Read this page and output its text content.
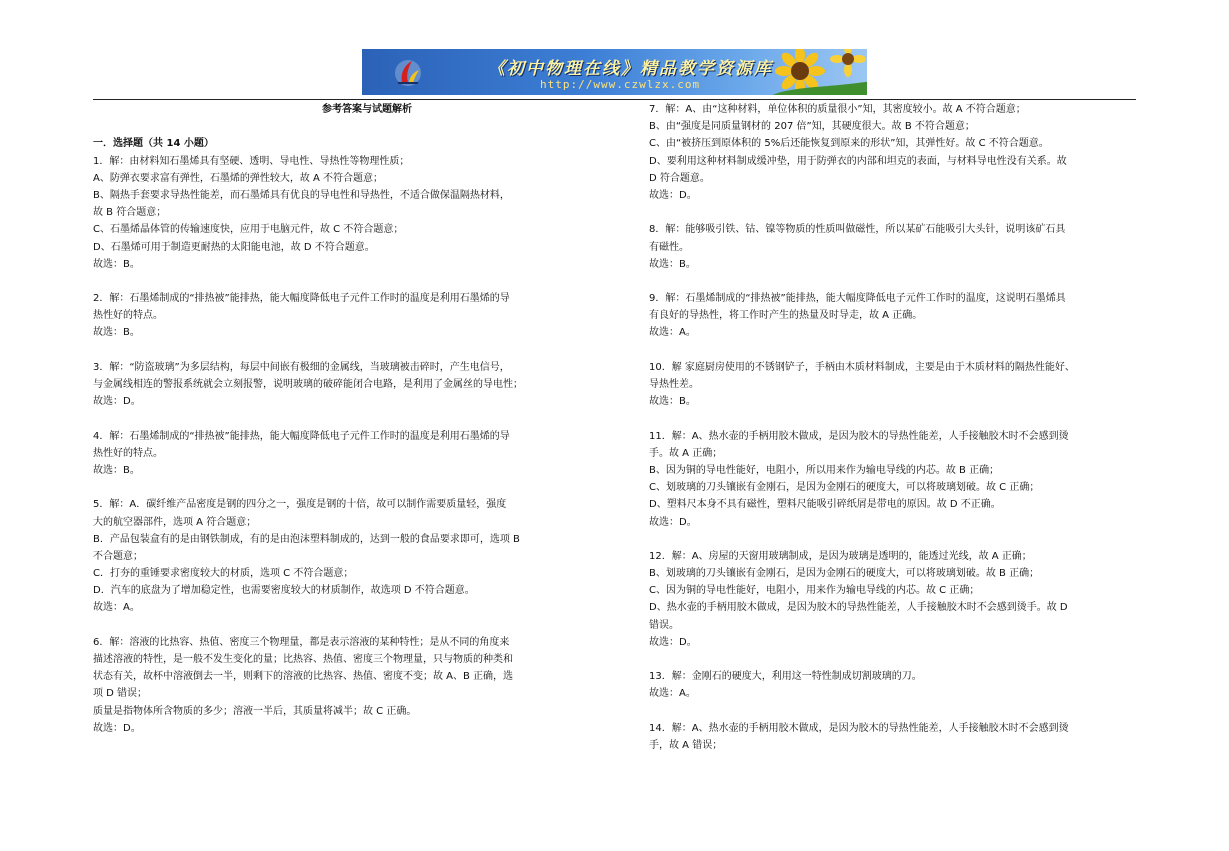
《初中物理在线》精品教学资源库
http://www.czwlzx.com
参考答案与试题解析
一．选择题（共 14 小题）
1．解：由材料知石墨烯具有坚硬、透明、导电性、导热性等物理性质；
A、防弹衣要求富有弹性，石墨烯的弹性较大，故 A 不符合题意；
B、隔热手套要求导热性能差，而石墨烯具有优良的导电性和导热性，不适合做保温隔热材料，
故 B 符合题意；
C、石墨烯晶体管的传输速度快，应用于电脑元件，故 C 不符合题意；
D、石墨烯可用于制造更耐热的太阳能电池，故 D 不符合题意。
故选：B。
2．解：石墨烯制成的“排热被”能排热，能大幅度降低电子元件工作时的温度是利用石墨烯的导
热性好的特点。
故选：B。
3．解：“防盗玻璃”为多层结构，每层中间嵌有极细的金属线，当玻璃被击碎时，产生电信号，
与金属线相连的警报系统就会立刻报警，说明玻璃的破碎能闭合电路，是利用了金属丝的导电性；
故选：D。
4．解：石墨烯制成的“排热被”能排热，能大幅度降低电子元件工作时的温度是利用石墨烯的导
热性好的特点。
故选：B。
5．解：A．碳纤维产品密度是钢的四分之一，强度是钢的十倍，故可以制作需要质量轻，强度
大的航空器部件，选项 A 符合题意；
B．产品包装盒有的是由钢铁制成，有的是由泡沫塑料制成的，达到一般的食品要求即可，选项 B
不合题意；
C．打夯的重锤要求密度较大的材质，选项 C 不符合题意；
D．汽车的底盘为了增加稳定性，也需要密度较大的材质制作，故选项 D 不符合题意。
故选：A。
6．解：溶液的比热容、热值、密度三个物理量，都是表示溶液的某种特性；是从不同的角度来
描述溶液的特性，是一般不发生变化的量；比热容、热值、密度三个物理量，只与物质的种类和
状态有关，故杯中溶液倒去一半，则剩下的溶液的比热容、热值、密度不变；故 A、B 正确，选
项 D 错误；
质量是指物体所含物质的多少；溶液一半后，其质量将减半；故 C 正确。
故选：D。
7．解：A、由“这种材料，单位体积的质量很小”知，其密度较小。故 A 不符合题意；
B、由“强度是同质量钢材的 207 倍”知，其硬度很大。故 B 不符合题意；
C、由“被挤压到原体积的 5%后还能恢复到原来的形状”知，其弹性好。故 C 不符合题意。
D、要利用这种材料制成缓冲垫，用于防弹衣的内部和坦克的表面，与材料导电性没有关系。故
D 符合题意。
故选：D。
8．解：能够吸引铁、钴、镍等物质的性质叫做磁性，所以某矿石能吸引大头针，说明该矿石具
有磁性。
故选：B。
9．解：石墨烯制成的“排热被”能排热，能大幅度降低电子元件工作时的温度，这说明石墨烯具
有良好的导热性，将工作时产生的热量及时导走，故 A 正确。
故选：A。
10．解 家庭厨房使用的不锈钢铲子，手柄由木质材料制成，主要是由于木质材料的隔热性能好、
导热性差。
故选：B。
11．解：A、热水壶的手柄用胶木做成，是因为胶木的导热性能差，人手接触胶木时不会感到烫
手。故 A 正确；
B、因为铜的导电性能好，电阻小，所以用来作为输电导线的内芯。故 B 正确；
C、划玻璃的刀头镶嵌有金刚石，是因为金刚石的硬度大，可以将玻璃划破。故 C 正确；
D、塑料尺本身不具有磁性，塑料尺能吸引碎纸屑是带电的原因。故 D 不正确。
故选：D。
12．解：A、房屋的天窗用玻璃制成，是因为玻璃是透明的，能透过光线，故 A 正确；
B、划玻璃的刀头镶嵌有金刚石，是因为金刚石的硬度大，可以将玻璃划破。故 B 正确；
C、因为铜的导电性能好，电阻小，用来作为输电导线的内芯。故 C 正确；
D、热水壶的手柄用胶木做成，是因为胶木的导热性能差，人手接触胶木时不会感到烫手。故 D
错误。
故选：D。
13．解：金刚石的硬度大，利用这一特性制成切割玻璃的刀。
故选：A。
14．解：A、热水壶的手柄用胶木做成，是因为胶木的导热性能差，人手接触胶木时不会感到烫
手，故 A 错误；
